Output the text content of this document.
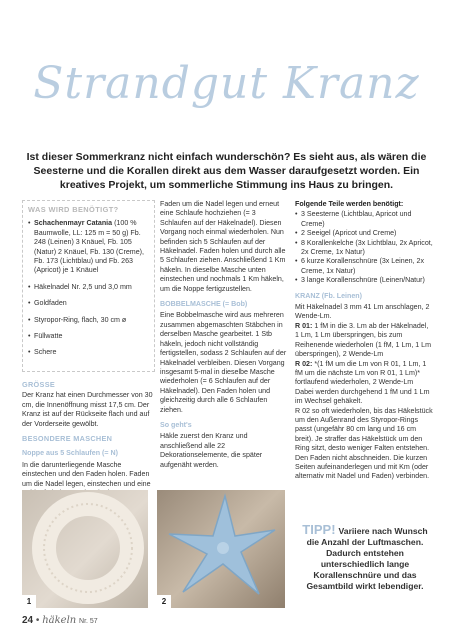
Strandgut Kranz
Ist dieser Sommerkranz nicht einfach wunderschön? Es sieht aus, als wären die Seesterne und die Korallen direkt aus dem Wasser daraufgesetzt worden. Ein kreatives Projekt, um sommerliche Stimmung ins Haus zu bringen.
WAS WIRD BENÖTIGT?
• Schachenmayr Catania (100 % Baumwolle, LL: 125 m = 50 g) Fb. 248 (Leinen) 3 Knäuel, Fb. 105 (Natur) 2 Knäuel, Fb. 130 (Creme), Fb. 173 (Lichtblau) und Fb. 263 (Apricot) je 1 Knäuel
• Häkelnadel Nr. 2,5 und 3,0 mm
• Goldfaden
• Styropor-Ring, flach, 30 cm ø
• Füllwatte
• Schere
GRÖSSE

Der Kranz hat einen Durchmesser von 30 cm, die Innenöffnung misst 17,5 cm. Der Kranz ist auf der Rückseite flach und auf der Vorderseite gewölbt.

BESONDERE MASCHEN
Noppe aus 5 Schlaufen (= N)

In die darunterliegende Masche einstechen und den Faden holen. Faden um die Nadel legen, einstechen und eine

Faden um die Nadel legen und erneut eine Schlaufe hochziehen (= 3 Schlaufen auf der Häkelnadel). Diesen Vorgang noch einmal wiederholen. Nun befinden sich 5 Schlaufen auf der Häkelnadel. Faden holen und durch alle 5 Schlaufen ziehen. Anschließend 1 Km häkeln. In dieselbe Masche unten einstechen und nochmals 1 Km häkeln, um die Noppe fertigzustellen.

BOBBELMASCHE (= Bob)

Eine Bobbelmasche wird aus mehreren zusammen abgemaschten Stäbchen in derselben Masche gearbeitet. 1 Stb häkeln, jedoch nicht vollständig fertigstellen, sodass 2 Schlaufen auf der Häkelnadel verbleiben. Diesen Vorgang insgesamt 5-mal in dieselbe Masche wiederholen (= 6 Schlaufen auf der Häkelnadel). Den Faden holen und gleichzeitig durch alle 6 Schlaufen ziehen.

So geht's

Häkle zuerst den Kranz und anschließend alle 22 Dekorationselemente, die später aufgenäht werden.

Folgende Teile werden benötigt:
• 3 Seesterne (Lichtblau, Apricot und Creme)
• 2 Seeigel (Apricot und Creme)
• 8 Korallenkelche (3x Lichtblau, 2x Apricot, 2x Creme, 1x Natur)
• 6 kurze Korallenschnüre (3x Leinen, 2x Creme, 1x Natur)
• 3 lange Korallenschnüre (Leinen/Natur)
KRANZ (Fb. Leinen)

Mit Häkelnadel 3 mm 41 Lm anschlagen, 2 Wende-Lm.

R 01: 1 fM in die 3. Lm ab der Häkelnadel, 1 Lm, 1 Lm überspringen, bis zum Reihenende wiederholen (1 fM, 1 Lm, 1 Lm überspringen), 2 Wende-Lm

R 02: *(1 fM um die Lm von R 01, 1 Lm, 1 fM um die nächste Lm von R 01, 1 Lm)* fortlaufend wiederholen, 2 Wende-Lm

Dabei werden durchgehend 1 fM und 1 Lm im Wechsel gehäkelt.

R 02 so oft wiederholen, bis das Häkelstück um den Außenrand des Styropor-Rings passt (ungefähr 80 cm lang und 16 cm breit). Je straffer das Häkelstück um den Ring sitzt, desto weniger Falten entstehen. Den Faden nicht abschneiden. Die kurzen Seiten aufeinanderlegen und mit Km (oder alternativ mit Nadel und Faden) verbinden.

TIPP! Variiere nach Wunsch die Anzahl der Luftmaschen. Dadurch entstehen unterschiedlich lange Korallenschnüre und das Gesamtbild wirkt lebendiger.
1	2
24 • häkeln Nr. 57
